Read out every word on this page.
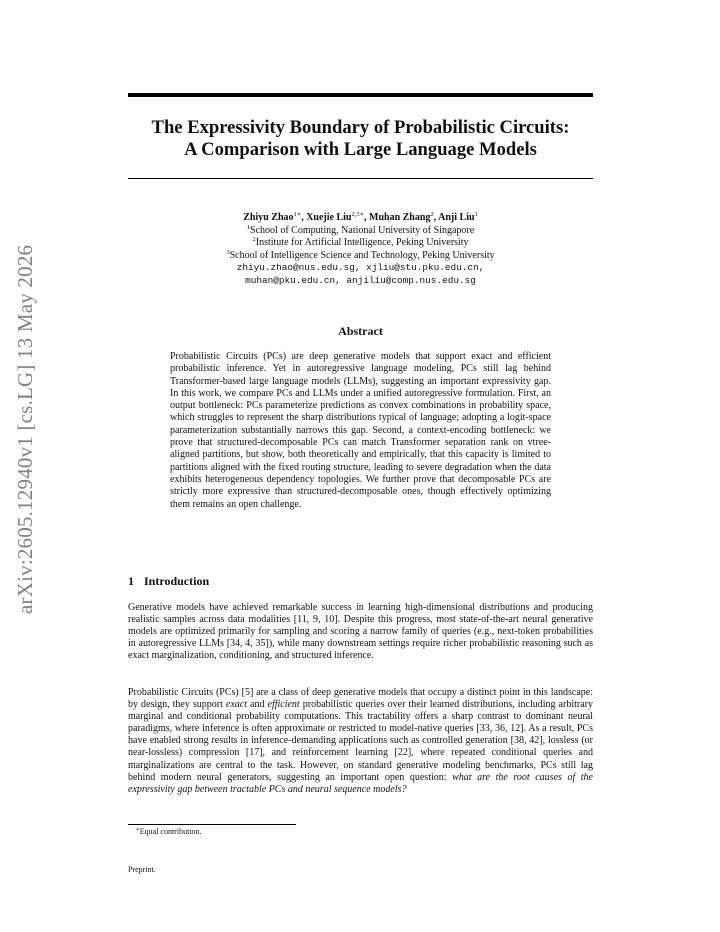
arXiv:2605.12940v1 [cs.LG] 13 May 2026
The Expressivity Boundary of Probabilistic Circuits:
A Comparison with Large Language Models
Zhiyu Zhao$^{1∗}$, Xuejie Liu$^{2,3∗}$, Muhan Zhang$^2$, Anji Liu$^1$
$^1$School of Computing, National University of Singapore
$^2$Institute for Artificial Intelligence, Peking University
$^3$School of Intelligence Science and Technology, Peking University
zhiyu.zhao@nus.edu.sg, xjliu@stu.pku.edu.cn,
muhan@pku.edu.cn, anjiliu@comp.nus.edu.sg
Abstract
Probabilistic Circuits (PCs) are deep generative models that support exact and efficient probabilistic inference. Yet in autoregressive language modeling, PCs still lag behind Transformer-based large language models (LLMs), suggesting an important expressivity gap. In this work, we compare PCs and LLMs under a unified autoregressive formulation. First, an output bottleneck: PCs parameterize predictions as convex combinations in probability space, which struggles to represent the sharp distributions typical of language; adopting a logit-space parameterization substantially narrows this gap. Second, a context-encoding bottleneck: we prove that structured-decomposable PCs can match Transformer separation rank on vtree-aligned partitions, but show, both theoretically and empirically, that this capacity is limited to partitions aligned with the fixed routing structure, leading to severe degradation when the data exhibits heterogeneous dependency topologies. We further prove that decomposable PCs are strictly more expressive than structured-decomposable ones, though effectively optimizing them remains an open challenge.
1 Introduction
Generative models have achieved remarkable success in learning high-dimensional distributions and producing realistic samples across data modalities [11, 9, 10]. Despite this progress, most state-of-the-art neural generative models are optimized primarily for sampling and scoring a narrow family of queries (e.g., next-token probabilities in autoregressive LLMs [34, 4, 35]), while many downstream settings require richer probabilistic reasoning such as exact marginalization, conditioning, and structured inference.
Probabilistic Circuits (PCs) [5] are a class of deep generative models that occupy a distinct point in this landscape: by design, they support exact and efficient probabilistic queries over their learned distributions, including arbitrary marginal and conditional probability computations. This tractability offers a sharp contrast to dominant neural paradigms, where inference is often approximate or restricted to model-native queries [33, 36, 12]. As a result, PCs have enabled strong results in inference-demanding applications such as controlled generation [38, 42], lossless (or near-lossless) compression [17], and reinforcement learning [22], where repeated conditional queries and marginalizations are central to the task. However, on standard generative modeling benchmarks, PCs still lag behind modern neural generators, suggesting an important open question: what are the root causes of the expressivity gap between tractable PCs and neural sequence models?
∗Equal contribution.
Preprint.
